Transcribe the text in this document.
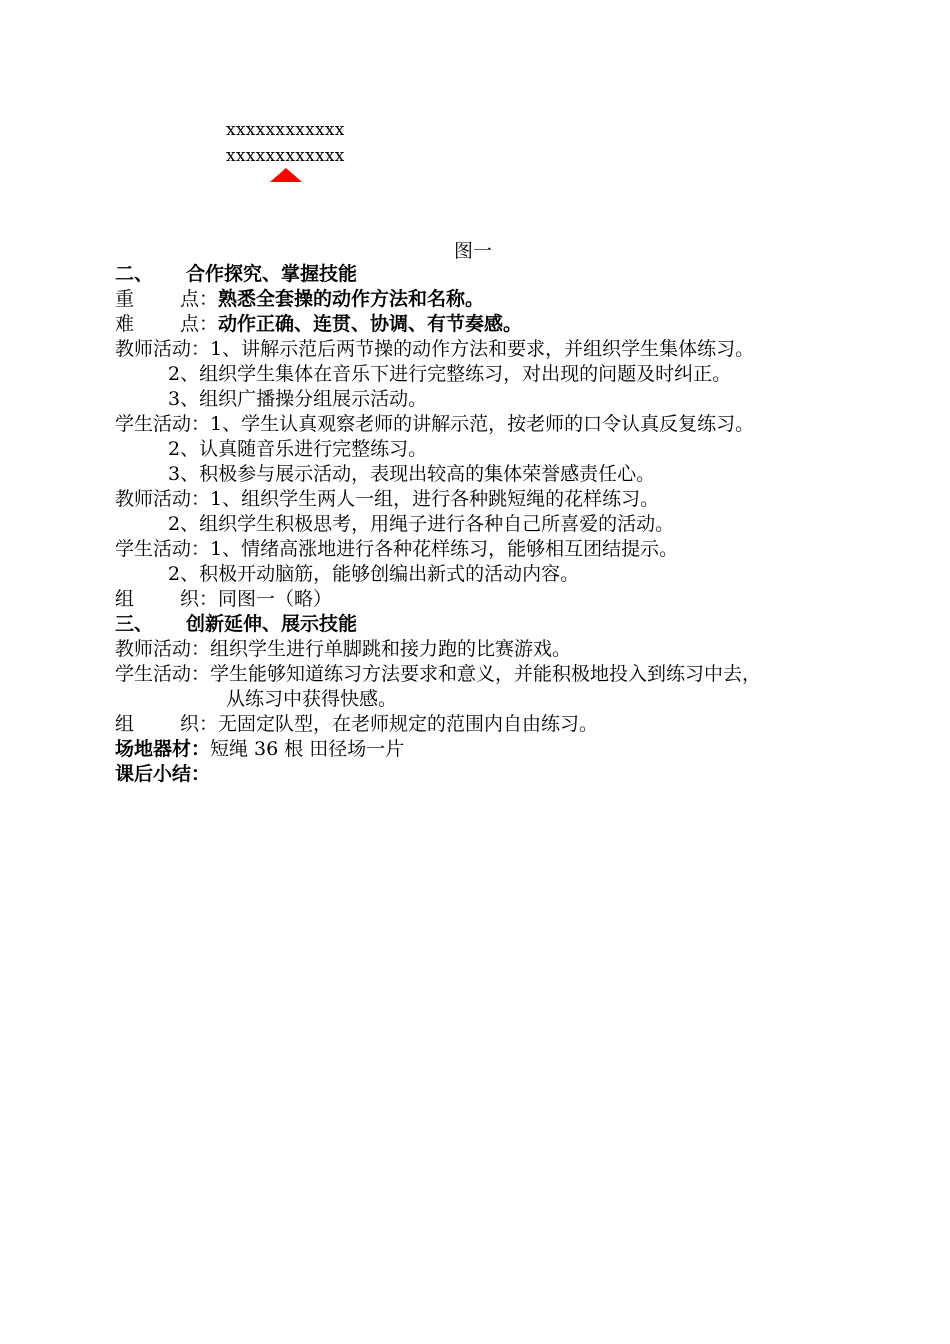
xxxxxxxxxxxx
xxxxxxxxxxxx
图一
二、 合作探究、掌握技能
重 点：熟悉全套操的动作方法和名称。
难 点：动作正确、连贯、协调、有节奏感。
教师活动：1、讲解示范后两节操的动作方法和要求，并组织学生集体练习。
2、组织学生集体在音乐下进行完整练习，对出现的问题及时纠正。
3、组织广播操分组展示活动。
学生活动：1、学生认真观察老师的讲解示范，按老师的口令认真反复练习。
2、认真随音乐进行完整练习。
3、积极参与展示活动，表现出较高的集体荣誉感责任心。
教师活动：1、组织学生两人一组，进行各种跳短绳的花样练习。
2、组织学生积极思考，用绳子进行各种自己所喜爱的活动。
学生活动：1、情绪高涨地进行各种花样练习，能够相互团结提示。
2、积极开动脑筋，能够创编出新式的活动内容。
组 织：同图一（略）
三、 创新延伸、展示技能
教师活动：组织学生进行单脚跳和接力跑的比赛游戏。
学生活动：学生能够知道练习方法要求和意义，并能积极地投入到练习中去，
从练习中获得快感。
组 织：无固定队型，在老师规定的范围内自由练习。
场地器材：短绳 36 根 田径场一片
课后小结：
